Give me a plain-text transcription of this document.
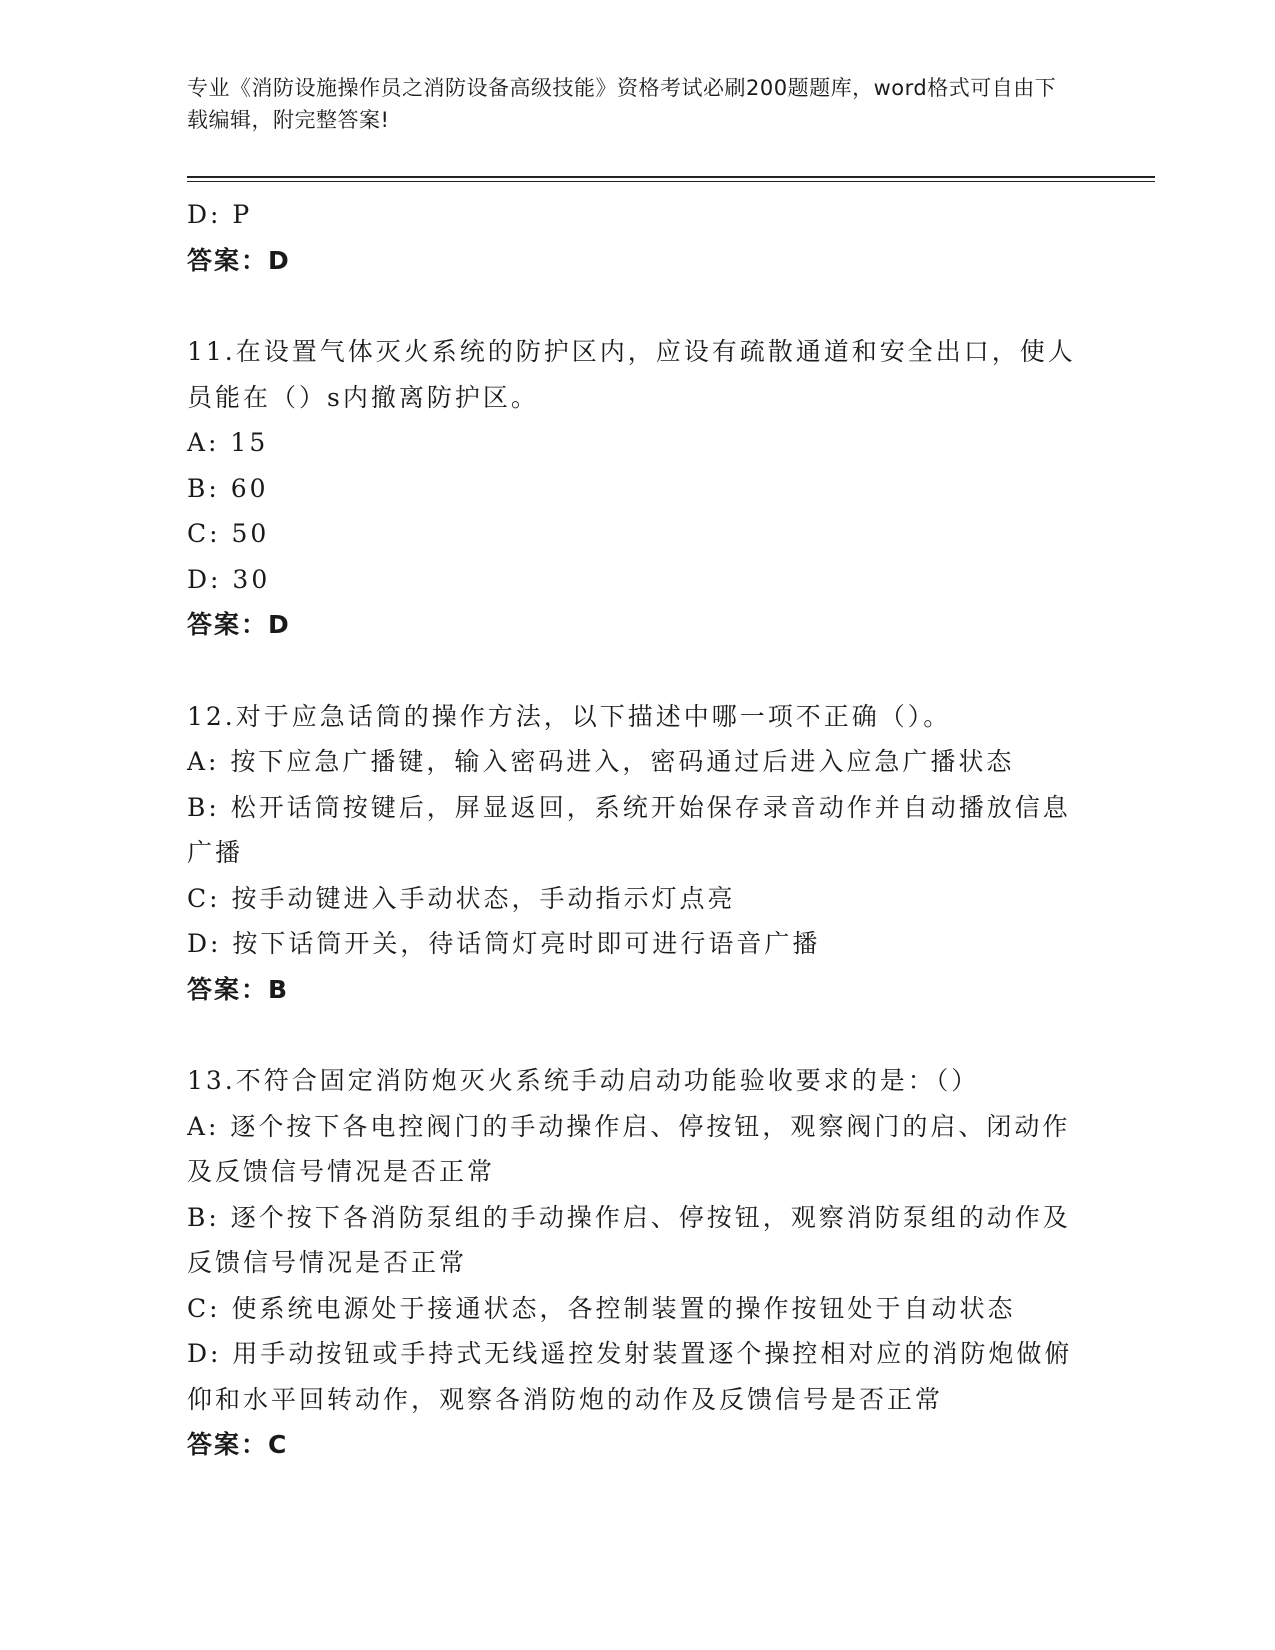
专业《消防设施操作员之消防设备高级技能》资格考试必刷200题题库，word格式可自由下载编辑，附完整答案!

D: P
答案：D
11.在设置气体灭火系统的防护区内，应设有疏散通道和安全出口，使人员能在（）s内撤离防护区。
A: 15
B: 60
C: 50
D: 30
答案：D
12.对于应急话筒的操作方法，以下描述中哪一项不正确（）。
A: 按下应急广播键，输入密码进入，密码通过后进入应急广播状态
B: 松开话筒按键后，屏显返回，系统开始保存录音动作并自动播放信息广播
C: 按手动键进入手动状态，手动指示灯点亮
D: 按下话筒开关，待话筒灯亮时即可进行语音广播
答案：B
13.不符合固定消防炮灭火系统手动启动功能验收要求的是：（）
A: 逐个按下各电控阀门的手动操作启、停按钮，观察阀门的启、闭动作及反馈信号情况是否正常
B: 逐个按下各消防泵组的手动操作启、停按钮，观察消防泵组的动作及反馈信号情况是否正常
C: 使系统电源处于接通状态，各控制装置的操作按钮处于自动状态
D: 用手动按钮或手持式无线遥控发射装置逐个操控相对应的消防炮做俯仰和水平回转动作，观察各消防炮的动作及反馈信号是否正常
答案：C
